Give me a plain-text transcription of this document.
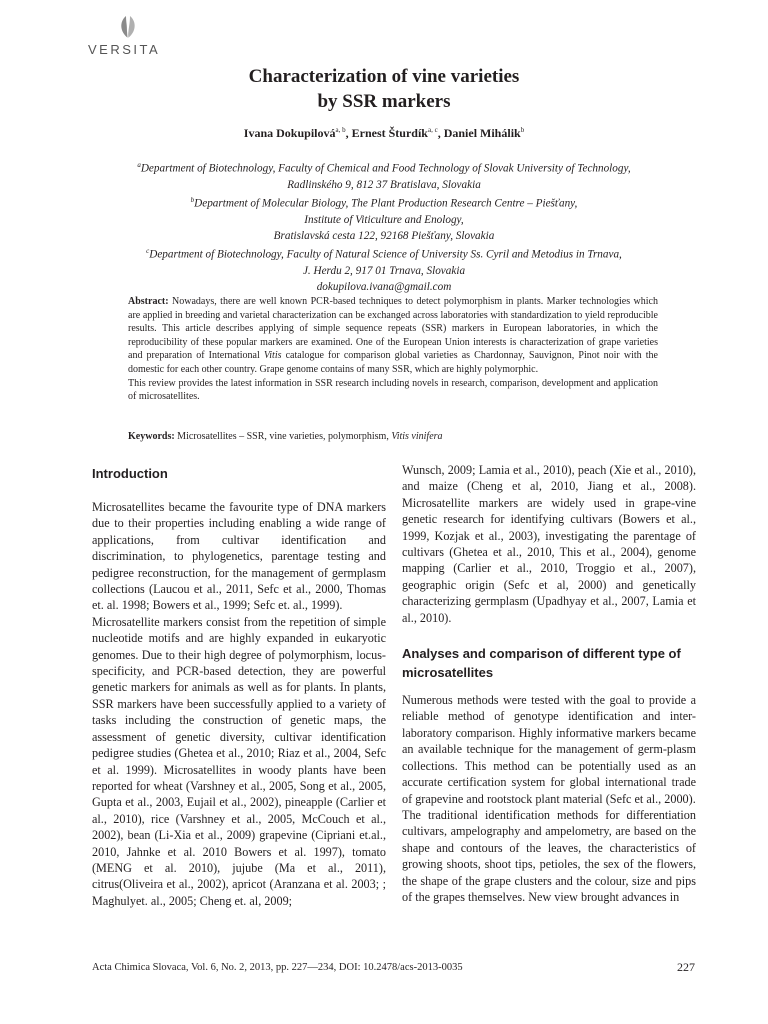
VERSITA
Characterization of vine varieties
by SSR markers
Ivana Dokupilová$^{a, b}$, Ernest Šturdík$^{a, c}$, Daniel Mihálik$^b$
$^a$Department of Biotechnology, Faculty of Chemical and Food Technology of Slovak University of Technology,
Radlinského 9, 812 37 Bratislava, Slovakia
$^b$Department of Molecular Biology, The Plant Production Research Centre – Piešťany,
Institute of Viticulture and Enology,
Bratislavská cesta 122, 92168 Piešťany, Slovakia
$^c$Department of Biotechnology, Faculty of Natural Science of University Ss. Cyril and Metodius in Trnava,
J. Herdu 2, 917 01 Trnava, Slovakia
dokupilova.ivana@gmail.com

Abstract: Nowadays, there are well known PCR-based techniques to detect polymorphism in plants. Marker technologies which are applied in breeding and varietal characterization can be exchanged across laboratories with standardization to yield reproducible results. This article describes applying of simple sequence repeats (SSR) markers in European laboratories, in which the reproducibility of these popular markers are examined. One of the European Union interests is characterization of grape varieties and preparation of International Vitis catalogue for comparison global varieties as Chardonnay, Sauvignon, Pinot noir with the domestic for each other country. Grape genome contains of many SSR, which are highly polymorphic.

This review provides the latest information in SSR research including novels in research, comparison, development and application of microsatellites.

Keywords: Microsatellites – SSR, vine varieties, polymorphism, Vitis vinifera
Introduction

Microsatellites became the favourite type of DNA markers due to their properties including enabling a wide range of applications, from cultivar identification and discrimination, to phylogenetics, parentage testing and pedigree reconstruction, for the management of germplasm collections (Laucou et al., 2011, Sefc et al., 2000, Thomas et. al. 1998; Bowers et al., 1999; Sefc et. al., 1999).

Microsatellite markers consist from the repetition of simple nucleotide motifs and are highly expanded in eukaryotic genomes. Due to their high degree of polymorphism, locus-specificity, and PCR-based detection, they are powerful genetic markers for animals as well as for plants. In plants, SSR markers have been successfully applied to a variety of tasks including the construction of genetic maps, the assessment of genetic diversity, cultivar identification pedigree studies (Ghetea et al., 2010; Riaz et al., 2004, Sefc et al. 1999). Microsatellites in woody plants have been reported for wheat (Varshney et al., 2005, Song et al., 2005, Gupta et al., 2003, Eujail et al., 2002), pineapple (Carlier et al., 2010), rice (Varshney et al., 2005, McCouch et al., 2002), bean (Li-Xia et al., 2009) grapevine (Cipriani et.al., 2010, Jahnke et al. 2010 Bowers et al. 1997), tomato (MENG et al. 2010), jujube (Ma et al., 2011), citrus(Oliveira et al., 2002), apricot (Aranzana et al. 2003; ; Maghulyet. al., 2005; Cheng et. al, 2009;

Wunsch, 2009; Lamia et al., 2010), peach (Xie et al., 2010), and maize (Cheng et al, 2010, Jiang et al., 2008). Microsatellite markers are widely used in grape-vine genetic research for identifying cultivars (Bowers et al., 1999, Kozjak et al., 2003), investigating the parentage of cultivars (Ghetea et al., 2010, This et al., 2004), genome mapping (Carlier et al., 2010, Troggio et al., 2007), geographic origin (Sefc et al, 2000) and genetically characterizing germplasm (Upadhyay et al., 2007, Lamia et al., 2010).

Analyses and comparison of different type of microsatellites

Numerous methods were tested with the goal to provide a reliable method of genotype identification and inter-laboratory comparison. Highly informative markers became an available technique for the management of germ-plasm collections. This method can be potentially used as an accurate certification system for global international trade of grapevine and rootstock plant material (Sefc et al., 2000).

The traditional identification methods for differentiation cultivars, ampelography and ampelometry, are based on the shape and contours of the leaves, the characteristics of growing shoots, shoot tips, petioles, the sex of the flowers, the shape of the grape clusters and the colour, size and pips of the grapes themselves. New view brought advances in

Acta Chimica Slovaca, Vol. 6, No. 2, 2013, pp. 227—234, DOI: 10.2478/acs-2013-0035	227
